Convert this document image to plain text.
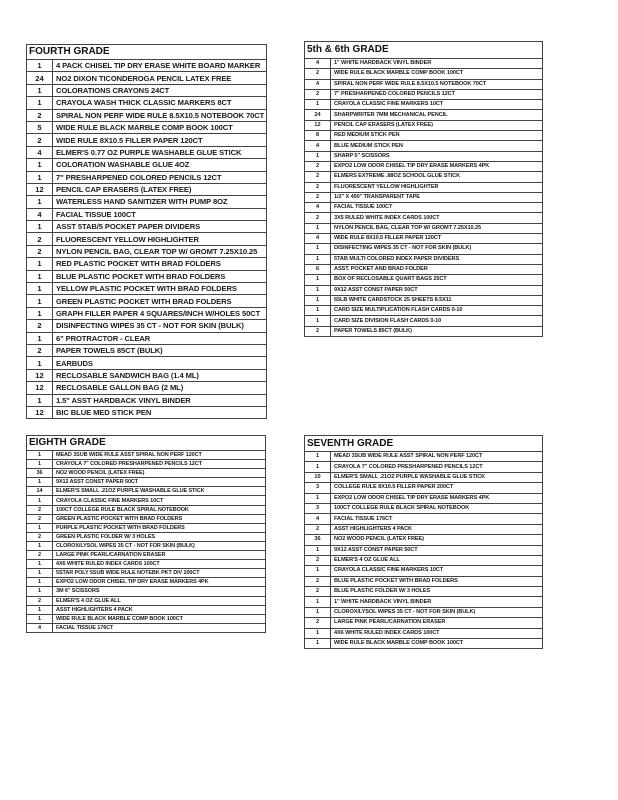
FOURTH GRADE	
1	4 PACK CHISEL TIP DRY ERASE WHITE BOARD MARKER
24	NO2 DIXON TICONDEROGA PENCIL LATEX FREE
1	COLORATIONS CRAYONS 24CT
1	CRAYOLA WASH THICK CLASSIC MARKERS 8CT
2	SPIRAL NON PERF WIDE RULE 8.5X10.5 NOTEBOOK 70CT
5	WIDE RULE BLACK MARBLE COMP BOOK 100CT
2	WIDE RULE 8X10.5 FILLER PAPER 120CT
4	ELMER'S 0.77 OZ PURPLE WASHABLE GLUE STICK
1	COLORATION WASHABLE GLUE 4OZ
1	7" PRESHARPENED COLORED PENCILS 12CT
12	PENCIL CAP ERASERS (LATEX FREE)
1	WATERLESS HAND SANITIZER WITH PUMP 8OZ
4	FACIAL TISSUE 100CT
1	ASST 5TAB/5 POCKET PAPER DIVIDERS
2	FLUORESCENT YELLOW HIGHLIGHTER
2	NYLON PENCIL BAG, CLEAR TOP W/ GROMT 7.25X10.25
1	RED PLASTIC POCKET WITH BRAD FOLDERS
1	BLUE PLASTIC POCKET WITH BRAD FOLDERS
1	YELLOW PLASTIC POCKET WITH BRAD FOLDERS
1	GREEN PLASTIC POCKET WITH BRAD FOLDERS
1	GRAPH FILLER PAPER 4 SQUARES/INCH W/HOLES 50CT
2	DISINFECTING WIPES 35 CT - NOT FOR SKIN (BULK)
1	6" PROTRACTOR - CLEAR
2	PAPER TOWELS 85CT (BULK)
1	EARBUDS
12	RECLOSABLE SANDWICH BAG (1.4 ML)
12	RECLOSABLE GALLON BAG (2 ML)
1	1.5" ASST HARDBACK VINYL BINDER
12	BIC BLUE MED STICK PEN
5th & 6th GRADE	
4	1" WHITE HARDBACK VINYL BINDER
2	WIDE RULE BLACK MARBLE COMP BOOK 100CT
4	SPIRAL NON PERF WIDE RULE 8.5X10.5 NOTEBOOK 70CT
2	7" PRESHARPENED COLORED PENCILS 12CT
1	CRAYOLA CLASSIC FINE MARKERS 10CT
24	SHARPWRITER 7MM MECHANICAL PENCIL
12	PENCIL CAP ERASERS (LATEX FREE)
8	RED MEDIUM STICK PEN
4	BLUE MEDIUM STICK PEN
1	SHARP 5" SCISSORS
2	EXPO2 LOW ODOR CHISEL TIP DRY ERASE MARKERS 4PK
2	ELMERS EXTREME .88OZ SCHOOL GLUE STICK
2	FLUORESCENT YELLOW HIGHLIGHTER
2	1/2" X 450" TRANSPARENT TAPE
4	FACIAL TISSUE 100CT
2	3X5 RULED WHITE INDEX CARDS 100CT
1	NYLON PENCIL BAG, CLEAR TOP W/ GROMT 7.25X10.25
4	WIDE RULE 8X10.5 FILLER PAPER 120CT
1	DISINFECTING WIPES 35 CT - NOT FOR SKIN (BULK)
1	5TAB MULTI COLORED INDEX PAPER DIVIDERS
6	ASST. POCKET AND BRAD FOLDER
1	BOX OF RECLOSABLE QUART BAGS 25CT
1	9X12 ASST CONST PAPER 50CT
1	65LB WHITE CARDSTOCK 25 SHEETS 8.5X11
1	CARD SIZE MULTIPLICATION FLASH CARDS 0-10
1	CARD SIZE DIVISION FLASH CARDS 0-10
2	PAPER TOWELS 85CT (BULK)
EIGHTH GRADE	
1	MEAD 3SUB WIDE RULE ASST SPIRAL NON PERF 120CT
1	CRAYOLA 7" COLORED PRESHARPENED PENCILS 12CT
36	NO2 WOOD PENCIL (LATEX FREE)
1	9X12 ASST CONST PAPER 50CT
14	ELMER'S SMALL .21OZ PURPLE WASHABLE GLUE STICK
1	CRAYOLA CLASSIC FINE MARKERS 10CT
2	100CT COLLEGE RULE BLACK SPIRAL NOTEBOOK
2	GREEN PLASTIC POCKET WITH BRAD FOLDERS
1	PURPLE PLASTIC POCKET WITH BRAD FOLDERS
2	GREEN PLASTIC FOLDER W/ 3 HOLES
1	CLOROX/LYSOL WIPES 35 CT - NOT FOR SKIN (BULK)
2	LARGE PINK PEARL/CARNATION ERASER
1	4X6 WHITE RULED INDEX CARDS 100CT
1	5STAR POLY 5SUB WIDE RULE NOTEBK PKT DIV 200CT
1	EXPO2 LOW ODOR CHISEL TIP DRY ERASE MARKERS 4PK
1	3M 6" SCISSORS
2	ELMER'S 4 OZ GLUE ALL
1	ASST HIGHLIGHTERS 4 PACK
1	WIDE RULE BLACK MARBLE COMP BOOK 100CT
4	FACIAL TISSUE 176CT
SEVENTH GRADE	
1	MEAD 3SUB WIDE RULE ASST SPIRAL NON PERF 120CT
1	CRAYOLA 7" COLORED PRESHARPENED PENCILS 12CT
10	ELMER'S SMALL .21OZ PURPLE WASHABLE GLUE STICK
3	COLLEGE RULE 8X10.5 FILLER PAPER 200CT
1	EXPO2 LOW ODOR CHISEL TIP DRY ERASE MARKERS 4PK
3	100CT COLLEGE RULE BLACK SPIRAL NOTEBOOK
4	FACIAL TISSUE 176CT
2	ASST HIGHLIGHTERS 4 PACK
36	NO2 WOOD PENCIL (LATEX FREE)
1	9X12 ASST CONST PAPER 50CT
2	ELMER'S 4 OZ GLUE ALL
1	CRAYOLA CLASSIC FINE MARKERS 10CT
2	BLUE PLASTIC POCKET WITH BRAD FOLDERS
2	BLUE PLASTIC FOLDER W/ 3 HOLES
1	1" WHITE HARDBACK VINYL BINDER
1	CLOROX/LYSOL WIPES 35 CT - NOT FOR SKIN (BULK)
2	LARGE PINK PEARL/CARNATION ERASER
1	4X6 WHITE RULED INDEX CARDS 100CT
1	WIDE RULE BLACK MARBLE COMP BOOK 100CT
